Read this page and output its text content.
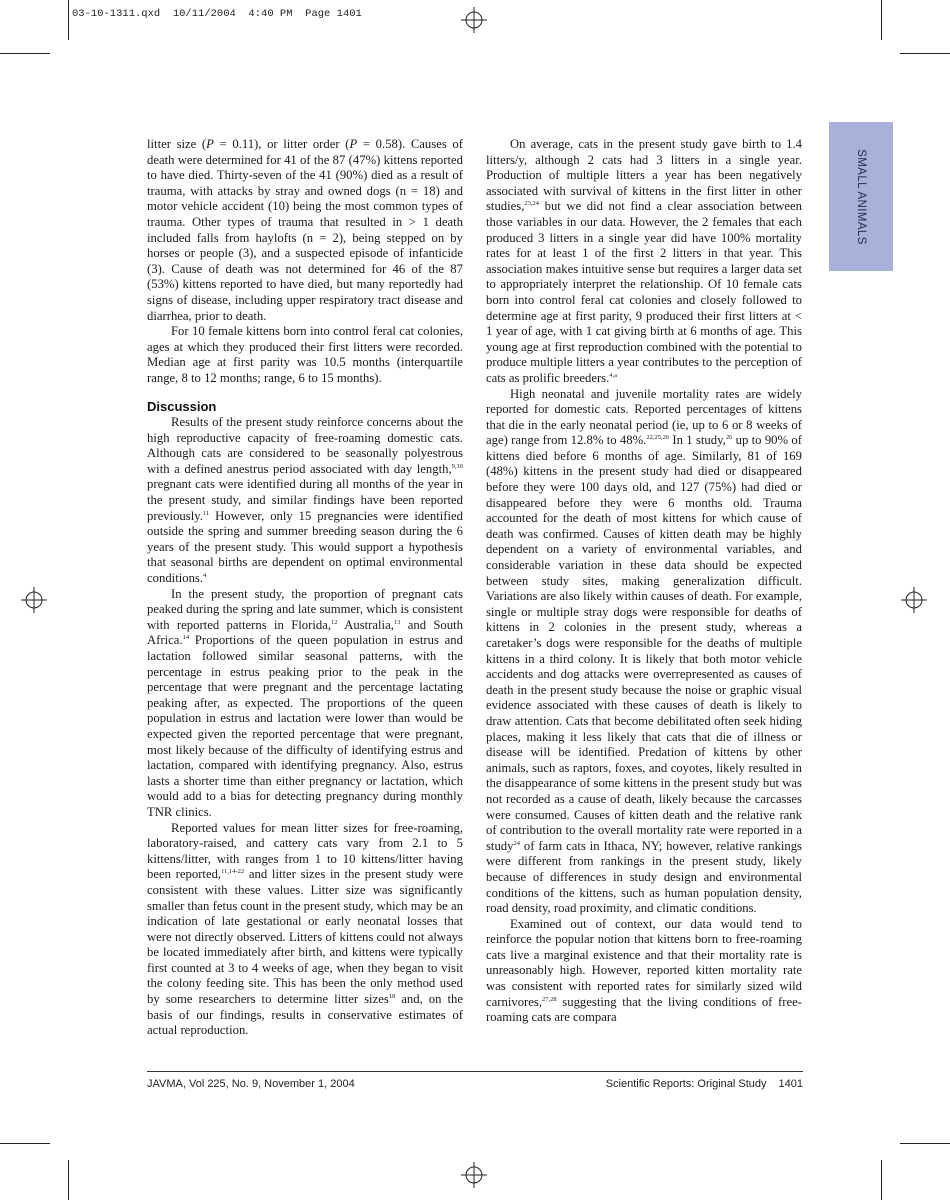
03-10-1311.qxd  10/11/2004  4:40 PM  Page 1401
SMALL ANIMALS

litter size (P = 0.11), or litter order (P = 0.58). Causes of death were determined for 41 of the 87 (47%) kittens reported to have died. Thirty-seven of the 41 (90%) died as a result of trauma, with attacks by stray and owned dogs (n = 18) and motor vehicle accident (10) being the most common types of trauma. Other types of trauma that resulted in > 1 death included falls from haylofts (n = 2), being stepped on by horses or people (3), and a suspected episode of infanticide (3). Cause of death was not determined for 46 of the 87 (53%) kittens reported to have died, but many reportedly had signs of disease, including upper respiratory tract disease and diarrhea, prior to death.

For 10 female kittens born into control feral cat colonies, ages at which they produced their first litters were recorded. Median age at first parity was 10.5 months (interquartile range, 8 to 12 months; range, 6 to 15 months).

Discussion

Results of the present study reinforce concerns about the high reproductive capacity of free-roaming domestic cats. Although cats are considered to be seasonally polyestrous with a defined anestrus period associated with day length,$^{9,10}$ pregnant cats were identified during all months of the year in the present study, and similar findings have been reported previously.$^{11}$ However, only 15 pregnancies were identified outside the spring and summer breeding season during the 6 years of the present study. This would support a hypothesis that seasonal births are dependent on optimal environmental conditions.$^4$

In the present study, the proportion of pregnant cats peaked during the spring and late summer, which is consistent with reported patterns in Florida,$^{12}$ Australia,$^{13}$ and South Africa.$^{14}$ Proportions of the queen population in estrus and lactation followed similar seasonal patterns, with the percentage in estrus peaking prior to the peak in the percentage that were pregnant and the percentage lactating peaking after, as expected. The proportions of the queen population in estrus and lactation were lower than would be expected given the reported percentage that were pregnant, most likely because of the difficulty of identifying estrus and lactation, compared with identifying pregnancy. Also, estrus lasts a shorter time than either pregnancy or lactation, which would add to a bias for detecting pregnancy during monthly TNR clinics.

Reported values for mean litter sizes for free-roaming, laboratory-raised, and cattery cats vary from 2.1 to 5 kittens/litter, with ranges from 1 to 10 kittens/litter having been reported,$^{11,14-22}$ and litter sizes in the present study were consistent with these values. Litter size was significantly smaller than fetus count in the present study, which may be an indication of late gestational or early neonatal losses that were not directly observed. Litters of kittens could not always be located immediately after birth, and kittens were typically first counted at 3 to 4 weeks of age, when they began to visit the colony feeding site. This has been the only method used by some researchers to determine litter sizes$^{18}$ and, on the basis of our findings, results in conservative estimates of actual reproduction.

On average, cats in the present study gave birth to 1.4 litters/y, although 2 cats had 3 litters in a single year. Production of multiple litters a year has been negatively associated with survival of kittens in the first litter in other studies,$^{23,24}$ but we did not find a clear association between those variables in our data. However, the 2 females that each produced 3 litters in a single year did have 100% mortality rates for at least 1 of the first 2 litters in that year. This association makes intuitive sense but requires a larger data set to appropriately interpret the relationship. Of 10 female cats born into control feral cat colonies and closely followed to determine age at first parity, 9 produced their first litters at < 1 year of age, with 1 cat giving birth at 6 months of age. This young age at first reproduction combined with the potential to produce multiple litters a year contributes to the perception of cats as prolific breeders.$^{4,a}$

High neonatal and juvenile mortality rates are widely reported for domestic cats. Reported percentages of kittens that die in the early neonatal period (ie, up to 6 or 8 weeks of age) range from 12.8% to 48%.$^{22,25,26}$ In 1 study,$^{26}$ up to 90% of kittens died before 6 months of age. Similarly, 81 of 169 (48%) kittens in the present study had died or disappeared before they were 100 days old, and 127 (75%) had died or disappeared before they were 6 months old. Trauma accounted for the death of most kittens for which cause of death was confirmed. Causes of kitten death may be highly dependent on a variety of environmental variables, and considerable variation in these data should be expected between study sites, making generalization difficult. Variations are also likely within causes of death. For example, single or multiple stray dogs were responsible for deaths of kittens in 2 colonies in the present study, whereas a caretaker’s dogs were responsible for the deaths of multiple kittens in a third colony. It is likely that both motor vehicle accidents and dog attacks were overrepresented as causes of death in the present study because the noise or graphic visual evidence associated with these causes of death is likely to draw attention. Cats that become debilitated often seek hiding places, making it less likely that cats that die of illness or disease will be identified. Predation of kittens by other animals, such as raptors, foxes, and coyotes, likely resulted in the disappearance of some kittens in the present study but was not recorded as a cause of death, likely because the carcasses were consumed. Causes of kitten death and the relative rank of contribution to the overall mortality rate were reported in a study$^{24}$ of farm cats in Ithaca, NY; however, relative rankings were different from rankings in the present study, likely because of differences in study design and environmental conditions of the kittens, such as human population density, road density, road proximity, and climatic conditions.

Examined out of context, our data would tend to reinforce the popular notion that kittens born to free-roaming cats live a marginal existence and that their mortality rate is unreasonably high. However, reported kitten mortality rate was consistent with reported rates for similarly sized wild carnivores,$^{27,28}$ suggesting that the living conditions of free-roaming cats are compara

JAVMA, Vol 225, No. 9, November 1, 2004	Scientific Reports: Original Study 1401
